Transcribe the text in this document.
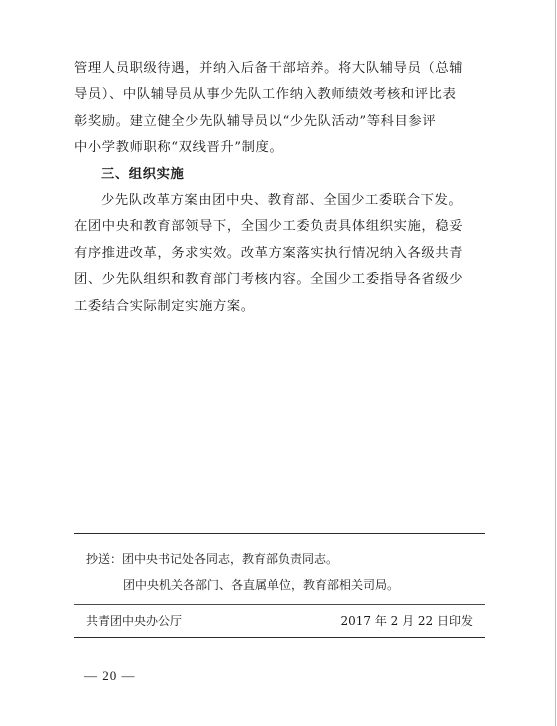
管理人员职级待遇，并纳入后备干部培养。将大队辅导员（总辅
导员）、中队辅导员从事少先队工作纳入教师绩效考核和评比表
彰奖励。建立健全少先队辅导员以“少先队活动”等科目参评
中小学教师职称“双线晋升”制度。

三、组织实施

少先队改革方案由团中央、教育部、全国少工委联合下发。
在团中央和教育部领导下，全国少工委负责具体组织实施，稳妥
有序推进改革，务求实效。改革方案落实执行情况纳入各级共青
团、少先队组织和教育部门考核内容。全国少工委指导各省级少
工委结合实际制定实施方案。

抄送：团中央书记处各同志，教育部负责同志。
团中央机关各部门、各直属单位，教育部相关司局。
共青团中央办公厅	2017 年 2 月 22 日印发
— 20 —
